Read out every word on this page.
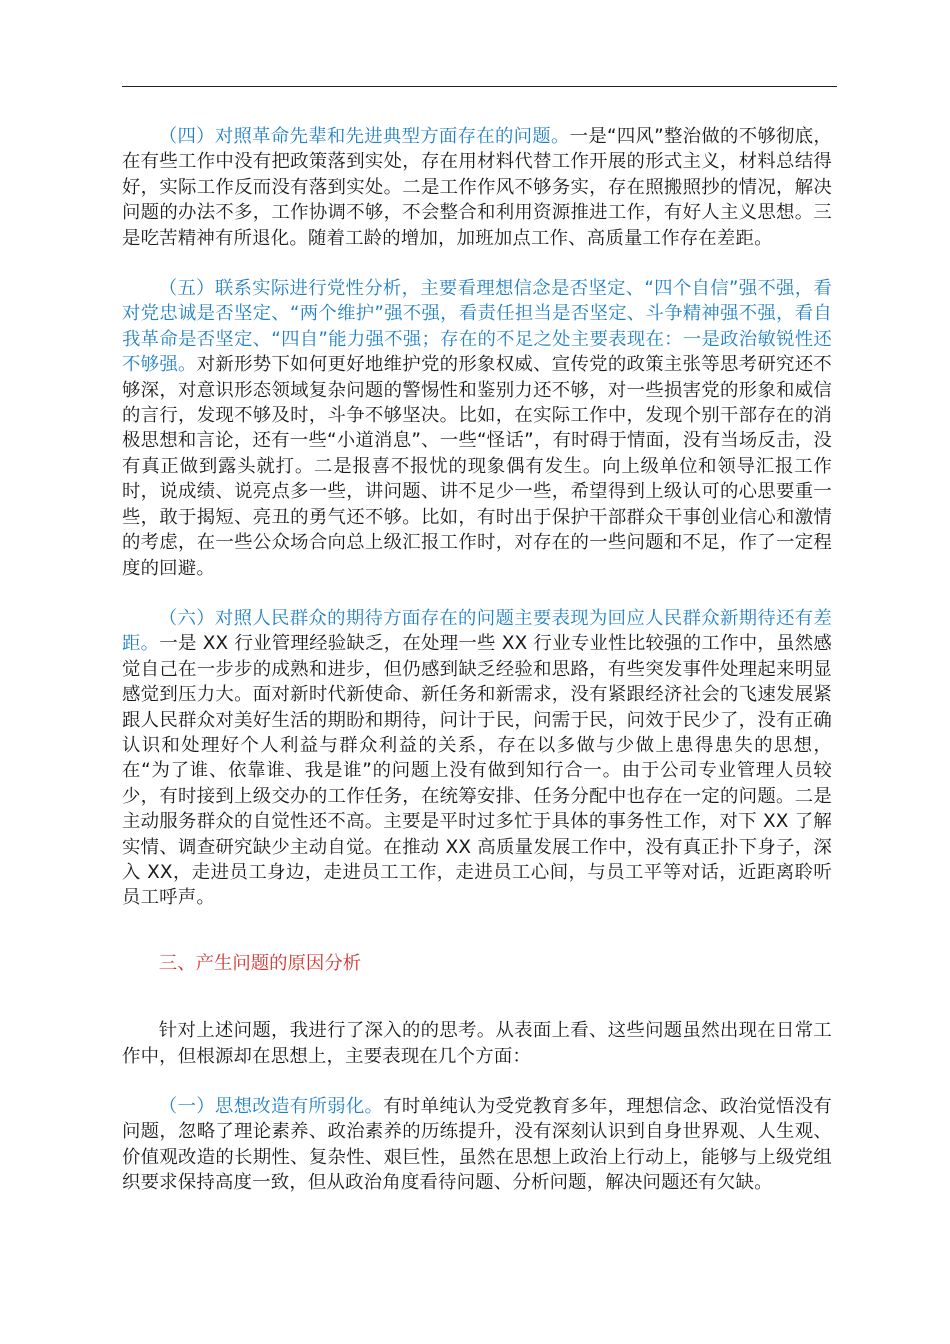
（四）对照革命先辈和先进典型方面存在的问题。一是“四风”整治做的不够彻底，在有些工作中没有把政策落到实处，存在用材料代替工作开展的形式主义，材料总结得好，实际工作反而没有落到实处。二是工作作风不够务实，存在照搬照抄的情况，解决问题的办法不多，工作协调不够，不会整合和利用资源推进工作，有好人主义思想。三是吃苦精神有所退化。随着工龄的增加，加班加点工作、高质量工作存在差距。

（五）联系实际进行党性分析，主要看理想信念是否坚定、“四个自信”强不强，看对党忠诚是否坚定、“两个维护”强不强，看责任担当是否坚定、斗争精神强不强，看自我革命是否坚定、“四自”能力强不强；存在的不足之处主要表现在：一是政治敏锐性还不够强。对新形势下如何更好地维护党的形象权威、宣传党的政策主张等思考研究还不够深，对意识形态领域复杂问题的警惕性和鉴别力还不够，对一些损害党的形象和威信的言行，发现不够及时，斗争不够坚决。比如，在实际工作中，发现个别干部存在的消极思想和言论，还有一些“小道消息”、一些“怪话”，有时碍于情面，没有当场反击，没有真正做到露头就打。二是报喜不报忧的现象偶有发生。向上级单位和领导汇报工作时，说成绩、说亮点多一些，讲问题、讲不足少一些，希望得到上级认可的心思要重一些，敢于揭短、亮丑的勇气还不够。比如，有时出于保护干部群众干事创业信心和激情的考虑，在一些公众场合向总上级汇报工作时，对存在的一些问题和不足，作了一定程度的回避。

（六）对照人民群众的期待方面存在的问题主要表现为回应人民群众新期待还有差距。一是 XX 行业管理经验缺乏，在处理一些 XX 行业专业性比较强的工作中，虽然感觉自己在一步步的成熟和进步，但仍感到缺乏经验和思路，有些突发事件处理起来明显感觉到压力大。面对新时代新使命、新任务和新需求，没有紧跟经济社会的飞速发展紧跟人民群众对美好生活的期盼和期待，问计于民，问需于民，问效于民少了，没有正确认识和处理好个人利益与群众利益的关系，存在以多做与少做上患得患失的思想，在“为了谁、依靠谁、我是谁”的问题上没有做到知行合一。由于公司专业管理人员较少，有时接到上级交办的工作任务，在统筹安排、任务分配中也存在一定的问题。二是主动服务群众的自觉性还不高。主要是平时过多忙于具体的事务性工作，对下 XX 了解实情、调查研究缺少主动自觉。在推动 XX 高质量发展工作中，没有真正扑下身子，深入 XX，走进员工身边，走进员工工作，走进员工心间，与员工平等对话，近距离聆听员工呼声。

三、产生问题的原因分析

针对上述问题，我进行了深入的的思考。从表面上看、这些问题虽然出现在日常工作中，但根源却在思想上，主要表现在几个方面：

（一）思想改造有所弱化。有时单纯认为受党教育多年，理想信念、政治觉悟没有问题，忽略了理论素养、政治素养的历练提升，没有深刻认识到自身世界观、人生观、价值观改造的长期性、复杂性、艰巨性，虽然在思想上政治上行动上，能够与上级党组织要求保持高度一致，但从政治角度看待问题、分析问题，解决问题还有欠缺。
